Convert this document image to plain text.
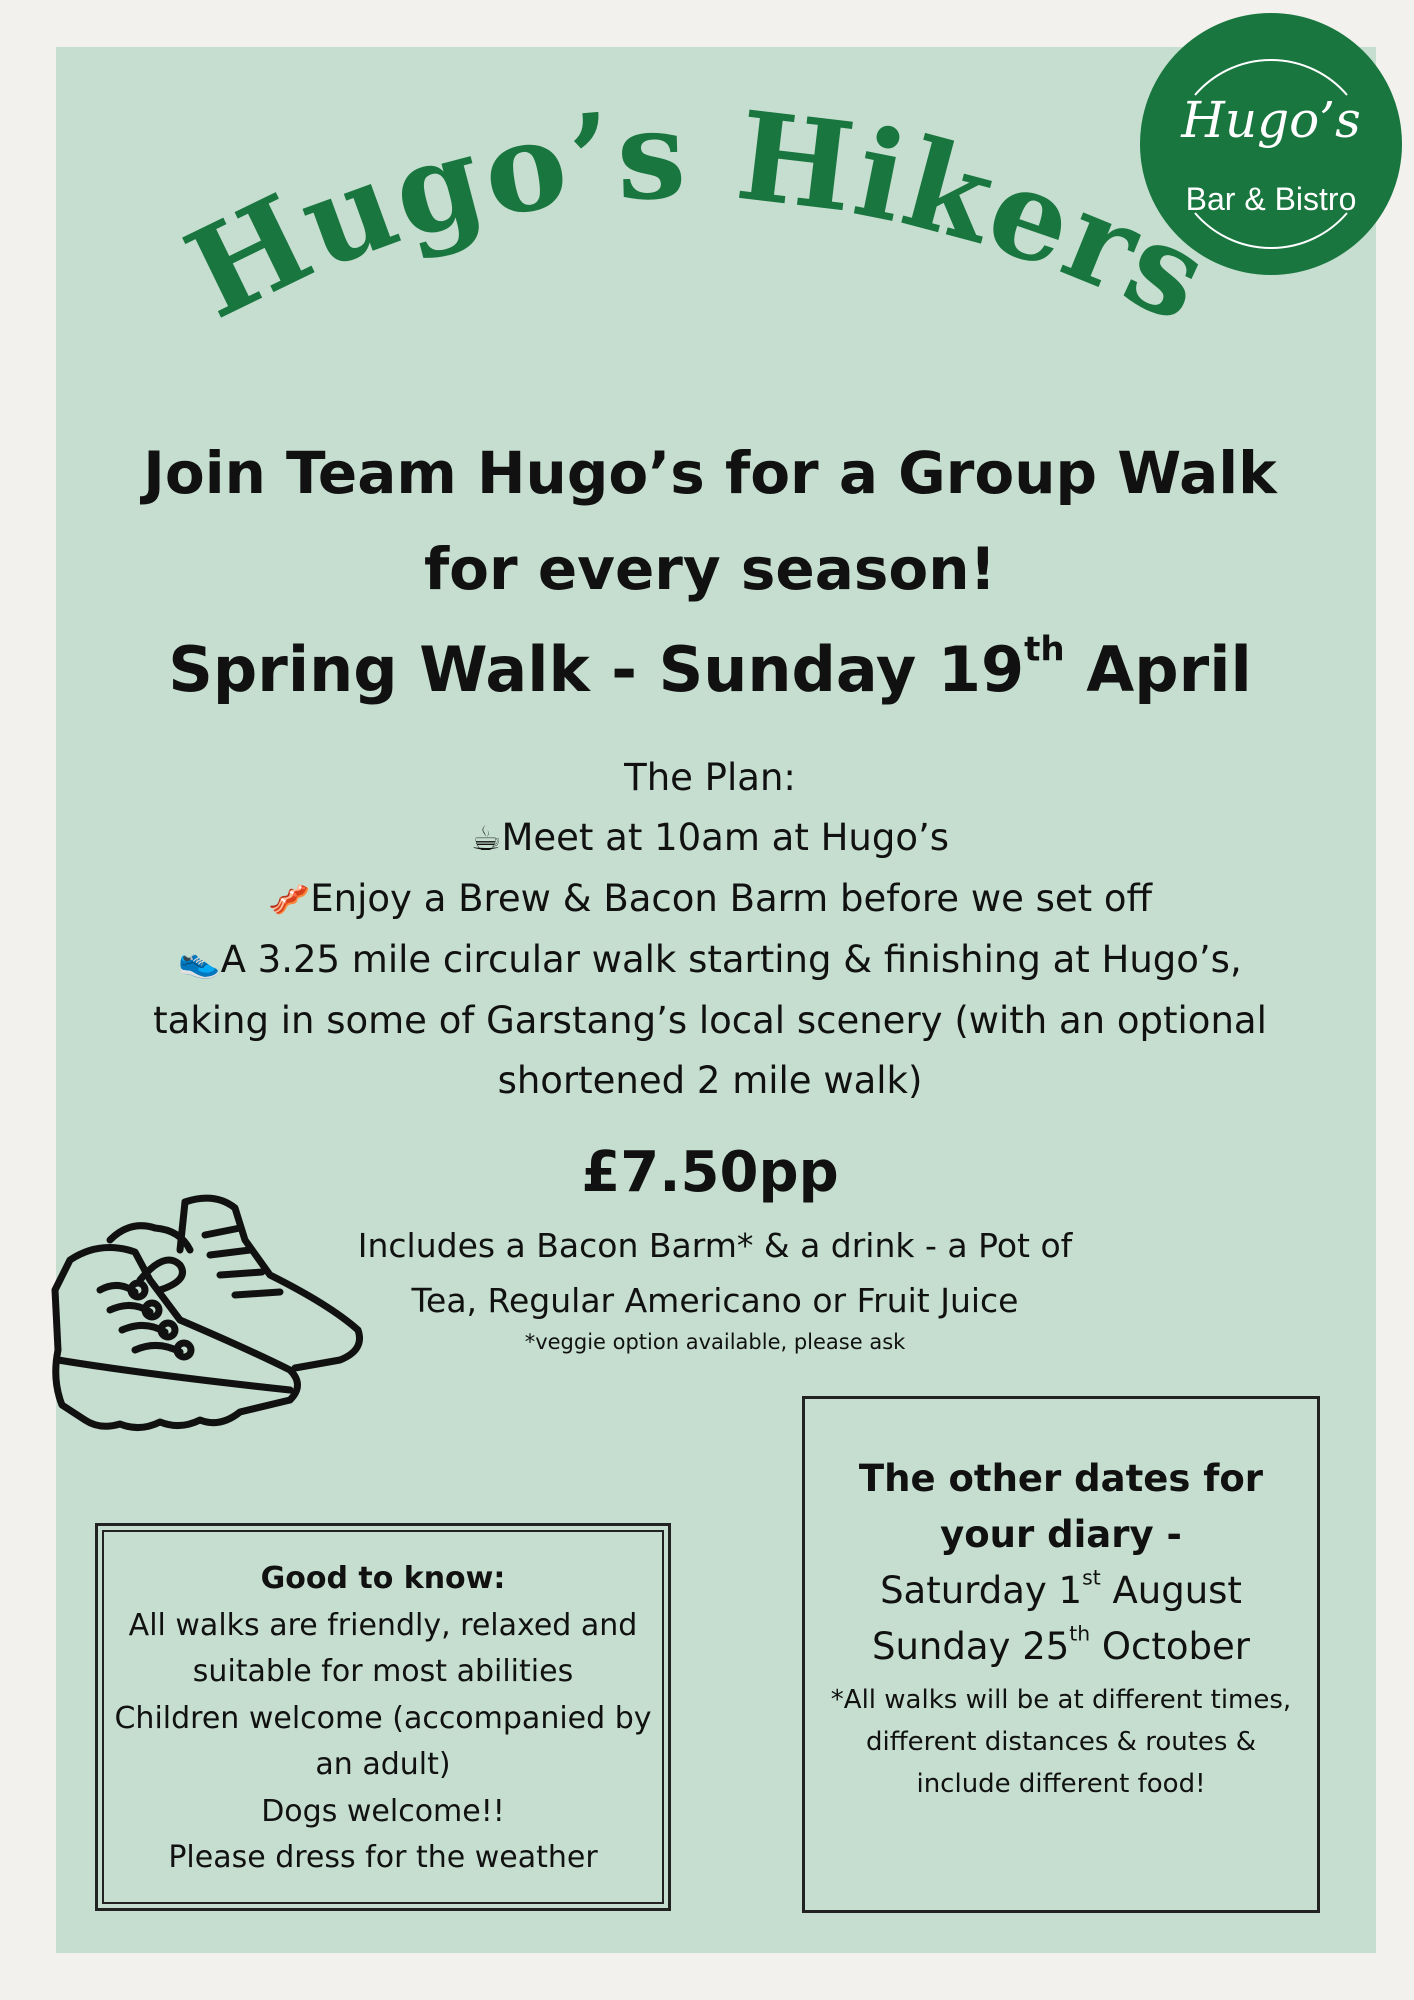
Hugo’s
Bar & Bistro
Hugo’s Hikers
Join Team Hugo’s for a Group Walk
for every season!
Spring Walk - Sunday 19th April
The Plan:
☕Meet at 10am at Hugo’s
🥓Enjoy a Brew & Bacon Barm before we set off
👟A 3.25 mile circular walk starting & finishing at Hugo’s,
taking in some of Garstang’s local scenery (with an optional
shortened 2 mile walk)
£7.50pp
Includes a Bacon Barm* & a drink - a Pot of
Tea, Regular Americano or Fruit Juice
*veggie option available, please ask
Good to know:
All walks are friendly, relaxed and
suitable for most abilities
Children welcome (accompanied by
an adult)
Dogs welcome!!
Please dress for the weather
The other dates for
your diary -
Saturday 1st August
Sunday 25th October
*All walks will be at different times,
different distances & routes &
include different food!
